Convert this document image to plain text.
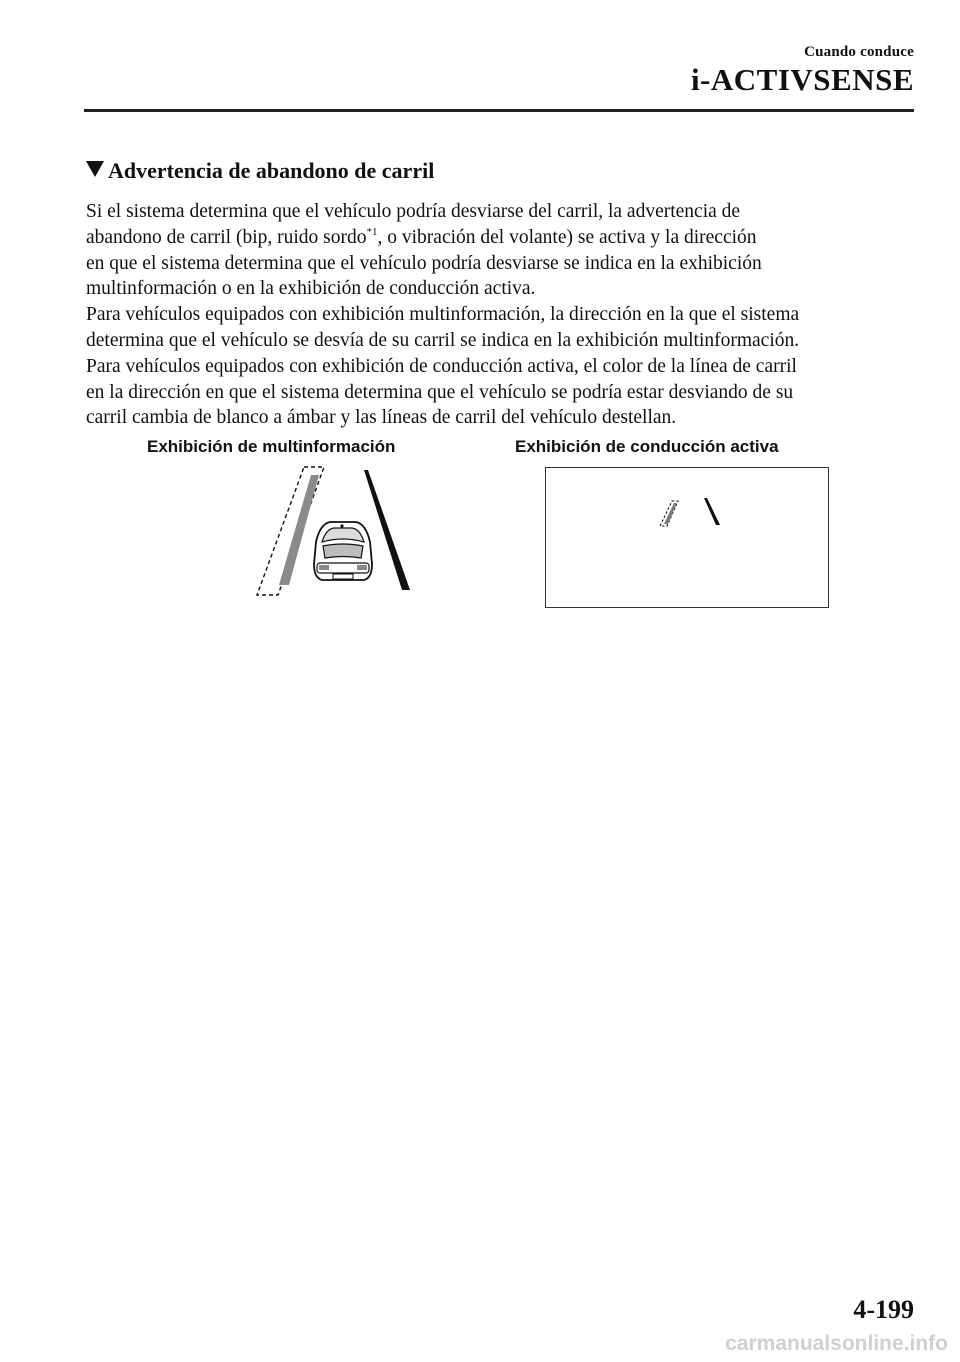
Cuando conduce
i-ACTIVSENSE
Advertencia de abandono de carril

Si el sistema determina que el vehículo podría desviarse del carril, la advertencia de

abandono de carril (bip, ruido sordo$^{*1}$, o vibración del volante) se activa y la dirección

en que el sistema determina que el vehículo podría desviarse se indica en la exhibición

multinformación o en la exhibición de conducción activa.

Para vehículos equipados con exhibición multinformación, la dirección en la que el sistema

determina que el vehículo se desvía de su carril se indica en la exhibición multinformación.

Para vehículos equipados con exhibición de conducción activa, el color de la línea de carril

en la dirección en que el sistema determina que el vehículo se podría estar desviando de su

carril cambia de blanco a ámbar y las líneas de carril del vehículo destellan.

Exhibición de multinformación	Exhibición de conducción activa
4-199
carmanualsonline.info
